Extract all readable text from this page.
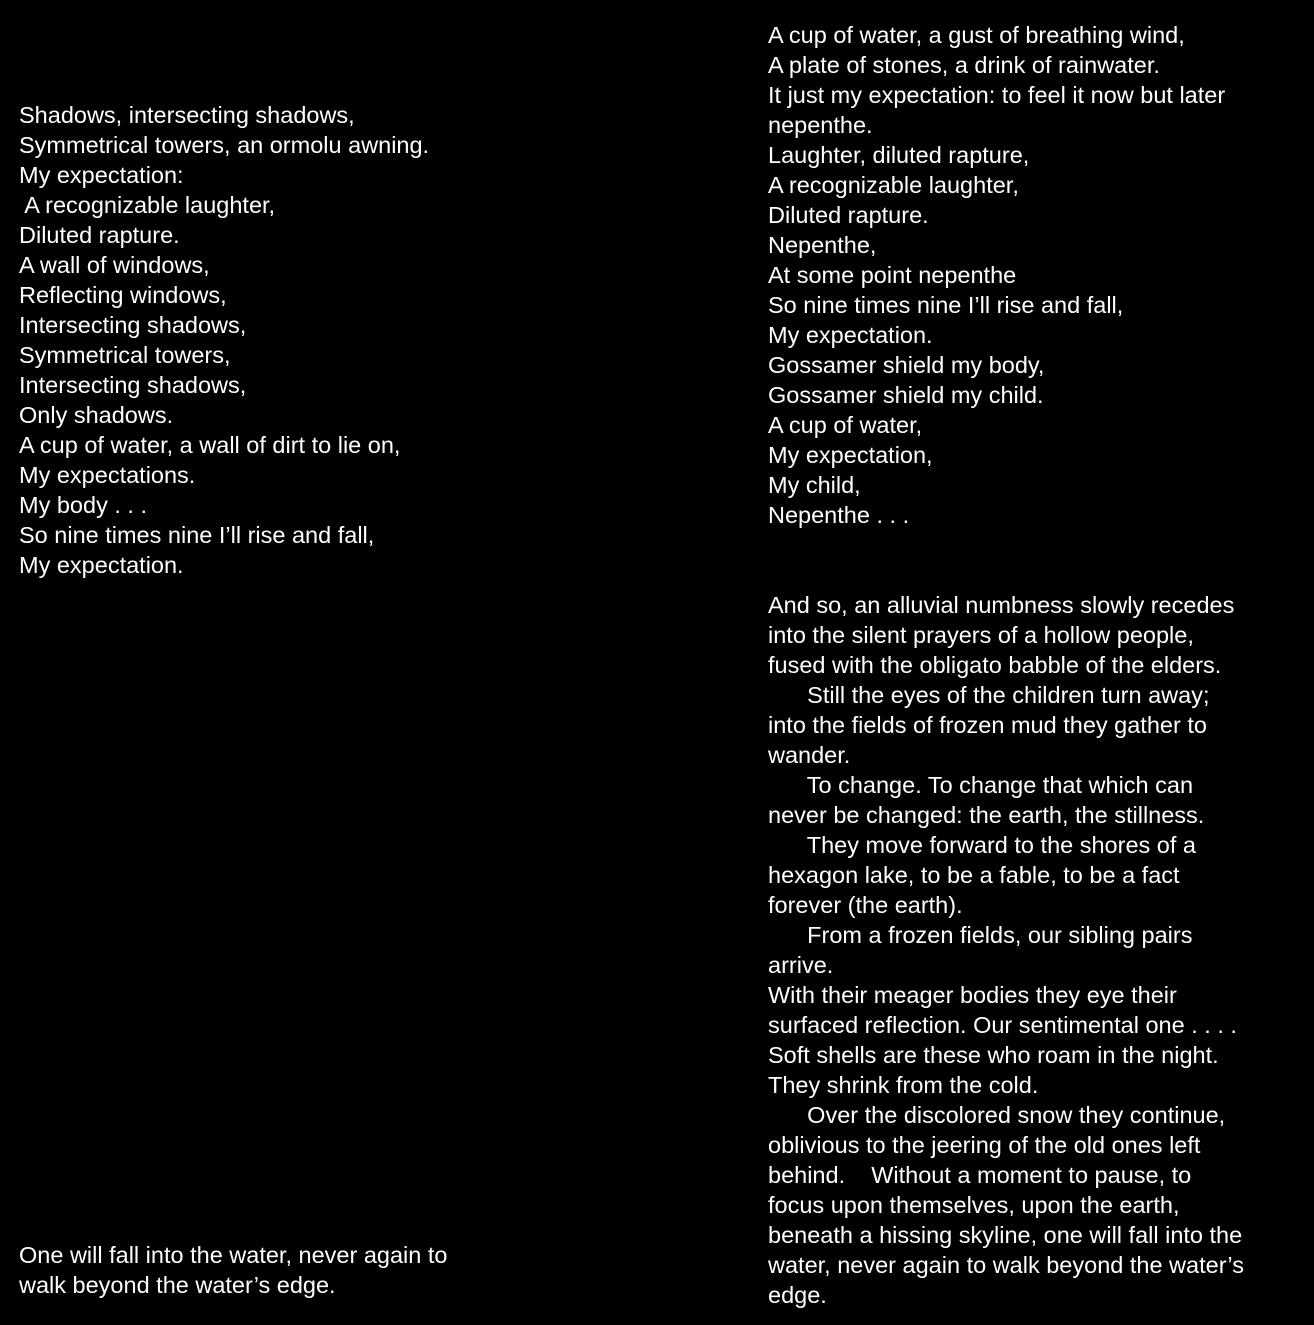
Shadows, intersecting shadows,
Symmetrical towers, an ormolu awning.
My expectation:
A recognizable laughter,
Diluted rapture.
A wall of windows,
Reflecting windows,
Intersecting shadows,
Symmetrical towers,
Intersecting shadows,
Only shadows.
A cup of water, a wall of dirt to lie on,
My expectations.
My body . . .
So nine times nine I’ll rise and fall,
My expectation.
One will fall into the water, never again to
walk beyond the water’s edge.
A cup of water, a gust of breathing wind,
A plate of stones, a drink of rainwater.
It just my expectation: to feel it now but later
nepenthe.
Laughter, diluted rapture,
A recognizable laughter,
Diluted rapture.
Nepenthe,
At some point nepenthe
So nine times nine I’ll rise and fall,
My expectation.
Gossamer shield my body,
Gossamer shield my child.
A cup of water,
My expectation,
My child,
Nepenthe . . .
And so, an alluvial numbness slowly recedes
into the silent prayers of a hollow people,
fused with the obligato babble of the elders.
Still the eyes of the children turn away;
into the fields of frozen mud they gather to
wander.
To change. To change that which can
never be changed: the earth, the stillness.
They move forward to the shores of a
hexagon lake, to be a fable, to be a fact
forever (the earth).
From a frozen fields, our sibling pairs
arrive.
With their meager bodies they eye their
surfaced reflection. Our sentimental one . . . .
Soft shells are these who roam in the night.
They shrink from the cold.
Over the discolored snow they continue,
oblivious to the jeering of the old ones left
behind.    Without a moment to pause, to
focus upon themselves, upon the earth,
beneath a hissing skyline, one will fall into the
water, never again to walk beyond the water’s
edge.
